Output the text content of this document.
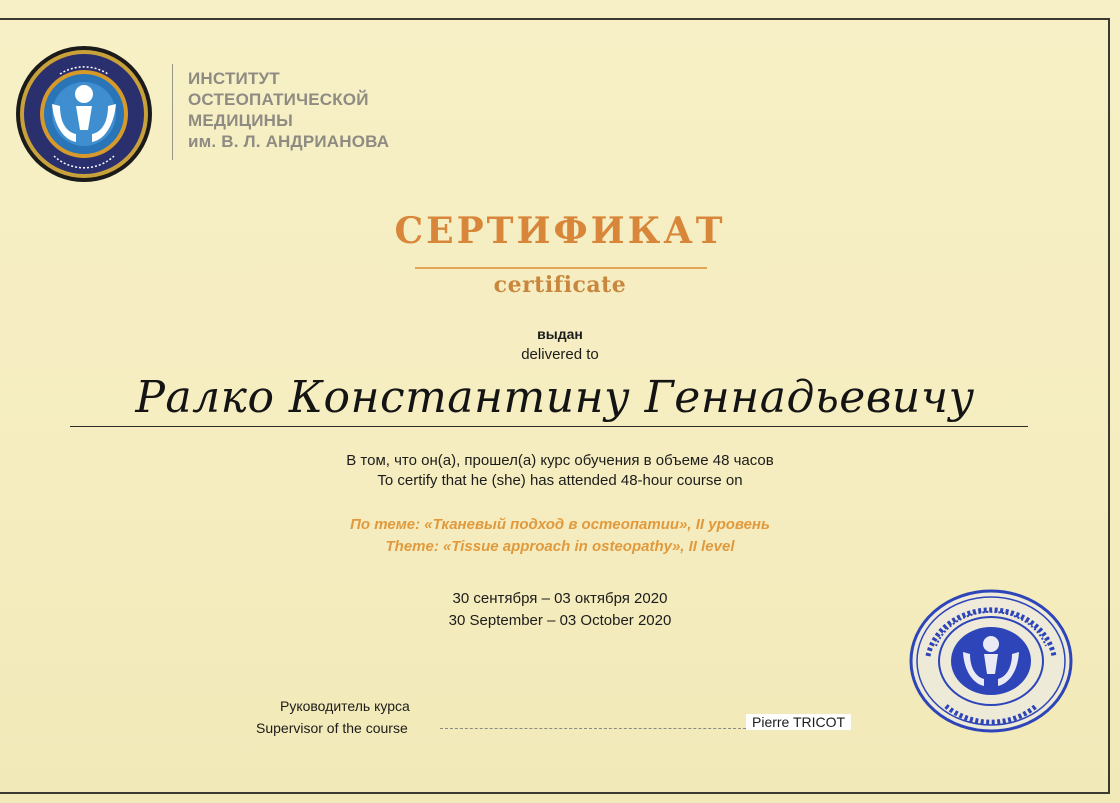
ИНСТИТУТ
ОСТЕОПАТИЧЕСКОЙ
МЕДИЦИНЫ
им. В. Л. АНДРИАНОВА
СЕРТИФИКАТ
certificate
выдан
delivered to
Ралко Константину Геннадьевичу
В том, что он(а), прошел(а) курс обучения в объеме 48 часов
To certify that he (she) has attended 48-hour course on
По теме: «Тканевый подход в остеопатии», II уровень
Theme: «Tissue approach in osteopathy», II level
30 сентября – 03 октября 2020
30 September – 03 October 2020
Руководитель курса
Supervisor of the course	Pierre TRICOT
